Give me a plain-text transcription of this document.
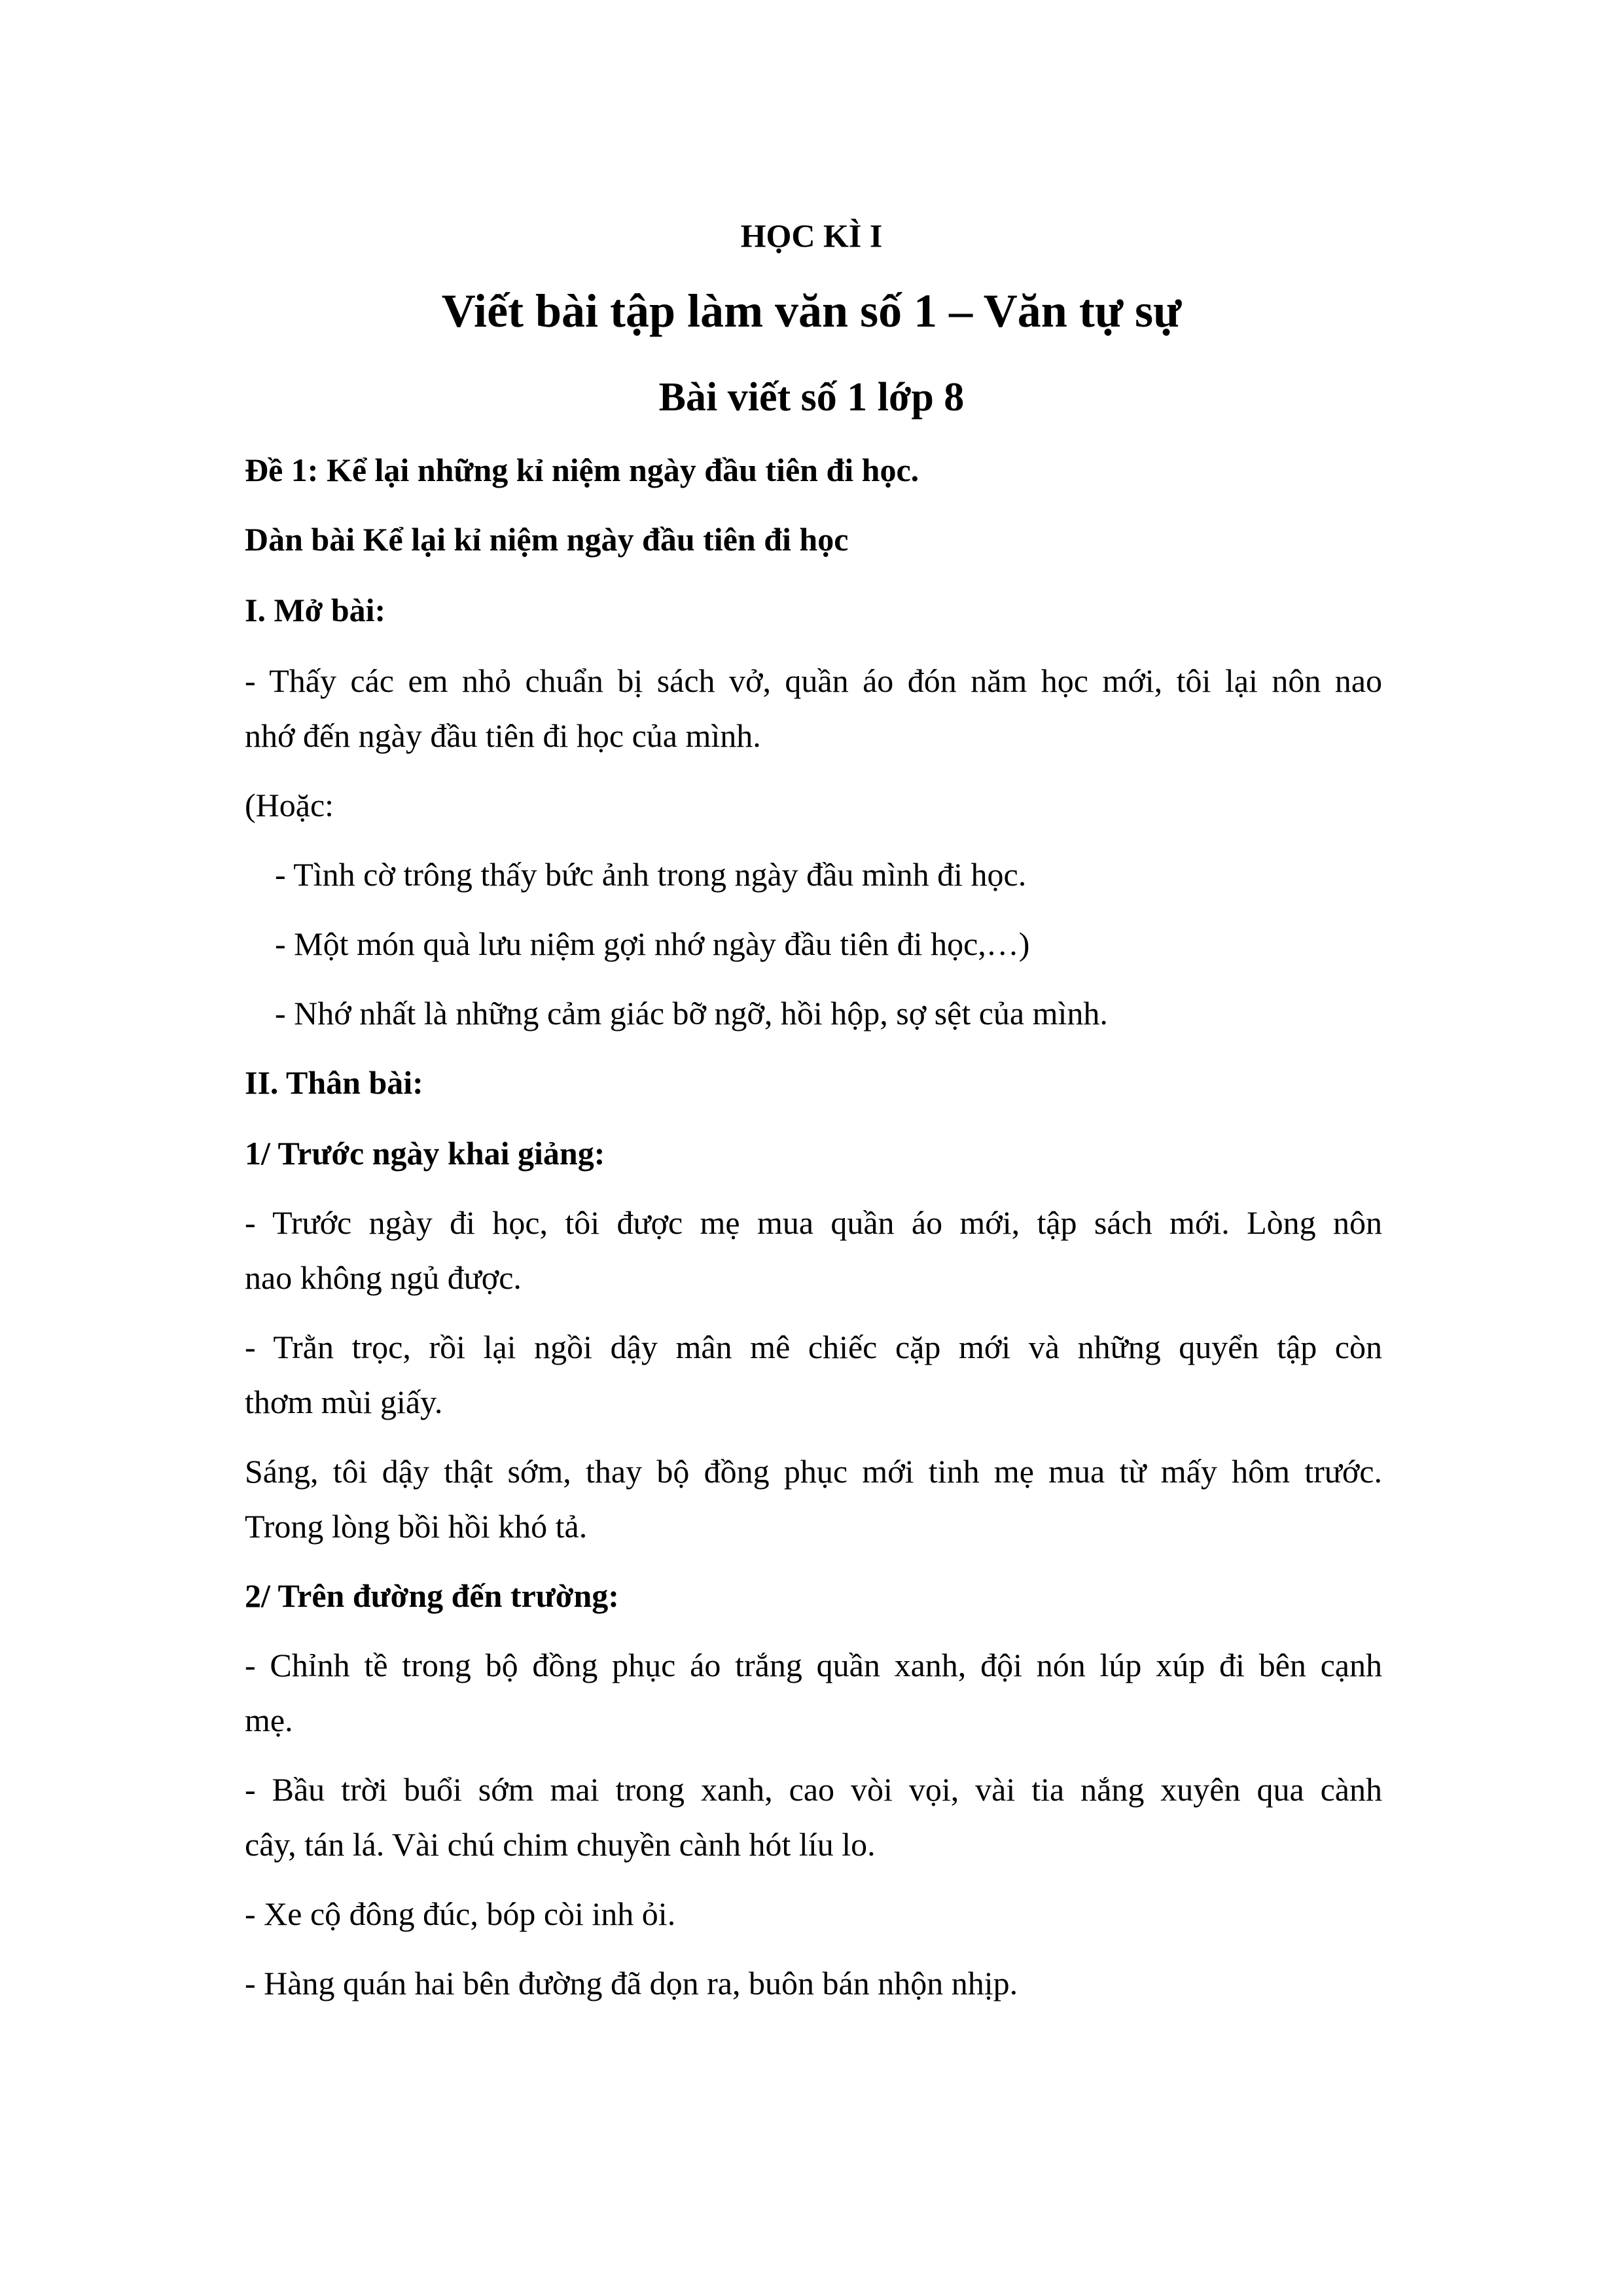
HỌC KÌ I
Viết bài tập làm văn số 1 – Văn tự sự
Bài viết số 1 lớp 8
Đề 1: Kể lại những kỉ niệm ngày đầu tiên đi học.
Dàn bài Kể lại kỉ niệm ngày đầu tiên đi học
I. Mở bài:
- Thấy các em nhỏ chuẩn bị sách vở, quần áo đón năm học mới, tôi lại nôn nao
nhớ đến ngày đầu tiên đi học của mình.
(Hoặc:
- Tình cờ trông thấy bức ảnh trong ngày đầu mình đi học.
- Một món quà lưu niệm gợi nhớ ngày đầu tiên đi học,…)
- Nhớ nhất là những cảm giác bỡ ngỡ, hồi hộp, sợ sệt của mình.
II. Thân bài:
1/ Trước ngày khai giảng:
- Trước ngày đi học, tôi được mẹ mua quần áo mới, tập sách mới. Lòng nôn
nao không ngủ được.
- Trằn trọc, rồi lại ngồi dậy mân mê chiếc cặp mới và những quyển tập còn
thơm mùi giấy.
Sáng, tôi dậy thật sớm, thay bộ đồng phục mới tinh mẹ mua từ mấy hôm trước.
Trong lòng bồi hồi khó tả.
2/ Trên đường đến trường:
- Chỉnh tề trong bộ đồng phục áo trắng quần xanh, đội nón lúp xúp đi bên cạnh
mẹ.
- Bầu trời buổi sớm mai trong xanh, cao vòi vọi, vài tia nắng xuyên qua cành
cây, tán lá. Vài chú chim chuyền cành hót líu lo.
- Xe cộ đông đúc, bóp còi inh ỏi.
- Hàng quán hai bên đường đã dọn ra, buôn bán nhộn nhịp.
